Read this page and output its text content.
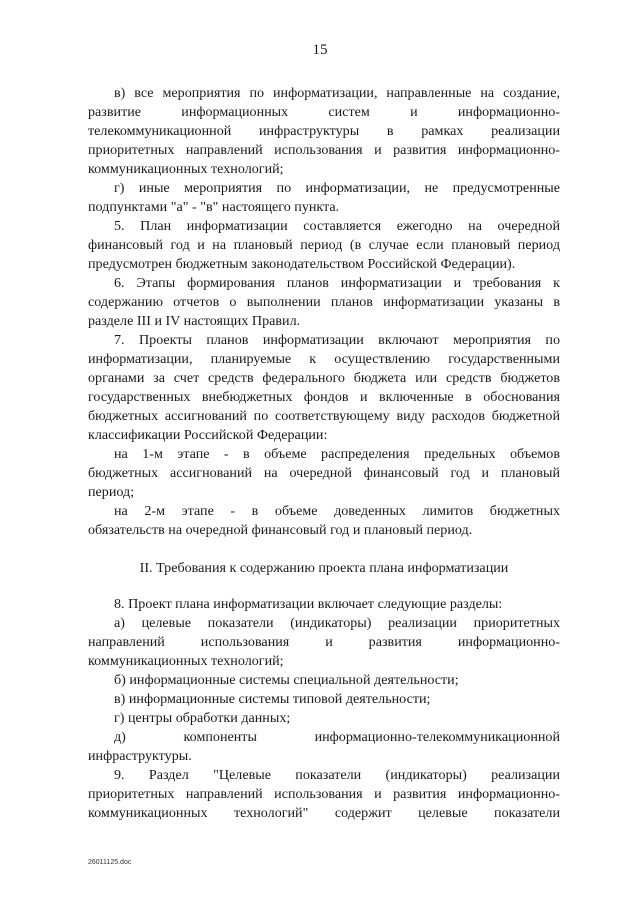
15
в) все мероприятия по информатизации, направленные на создание,
развитие информационных систем и информационно-
телекоммуникационной инфраструктуры в рамках реализации
приоритетных направлений использования и развития информационно-
коммуникационных технологий;
г) иные мероприятия по информатизации, не предусмотренные
подпунктами "а" - "в" настоящего пункта.
5. План информатизации составляется ежегодно на очередной
финансовый год и на плановый период (в случае если плановый период
предусмотрен бюджетным законодательством Российской Федерации).
6. Этапы формирования планов информатизации и требования к
содержанию отчетов о выполнении планов информатизации указаны в
разделе III и IV настоящих Правил.
7. Проекты планов информатизации включают мероприятия по
информатизации, планируемые к осуществлению государственными
органами за счет средств федерального бюджета или средств бюджетов
государственных внебюджетных фондов и включенные в обоснования
бюджетных ассигнований по соответствующему виду расходов бюджетной
классификации Российской Федерации:
на 1-м этапе - в объеме распределения предельных объемов
бюджетных ассигнований на очередной финансовый год и плановый
период;
на 2-м этапе - в объеме доведенных лимитов бюджетных
обязательств на очередной финансовый год и плановый период.
II. Требования к содержанию проекта плана информатизации
8. Проект плана информатизации включает следующие разделы:
а) целевые показатели (индикаторы) реализации приоритетных
направлений использования и развития информационно-
коммуникационных технологий;
б) информационные системы специальной деятельности;
в) информационные системы типовой деятельности;
г) центры обработки данных;
д) компоненты информационно-телекоммуникационной
инфраструктуры.
9. Раздел "Целевые показатели (индикаторы) реализации
приоритетных направлений использования и развития информационно-
коммуникационных технологий" содержит целевые показатели
26011125.doc
